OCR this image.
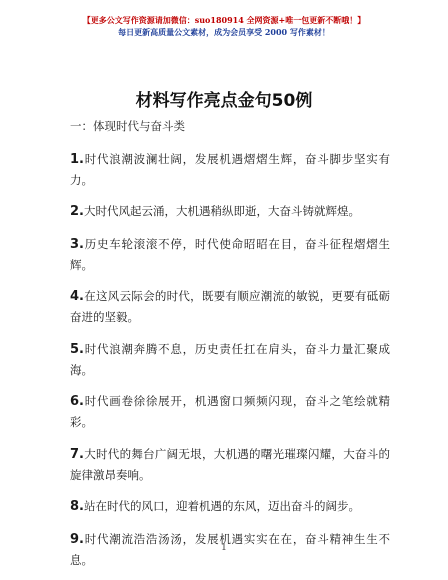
【更多公文写作资源请加微信：suo180914 全网资源+唯一包更新不断哦！】
每日更新高质量公文素材，成为会员享受 2000 写作素材！
材料写作亮点金句50例
一：体现时代与奋斗类

1.时代浪潮波澜壮阔，发展机遇熠熠生辉，奋斗脚步坚实有力。

2.大时代风起云涌，大机遇稍纵即逝，大奋斗铸就辉煌。

3.历史车轮滚滚不停，时代使命昭昭在目，奋斗征程熠熠生辉。

4.在这风云际会的时代，既要有顺应潮流的敏锐，更要有砥砺奋进的坚毅。

5.时代浪潮奔腾不息，历史责任扛在肩头，奋斗力量汇聚成海。

6.时代画卷徐徐展开，机遇窗口频频闪现，奋斗之笔绘就精彩。

7.大时代的舞台广阔无垠，大机遇的曙光璀璨闪耀，大奋斗的旋律激昂奏响。

8.站在时代的风口，迎着机遇的东风，迈出奋斗的阔步。

9.时代潮流浩浩汤汤，发展机遇实实在在，奋斗精神生生不息。

1
